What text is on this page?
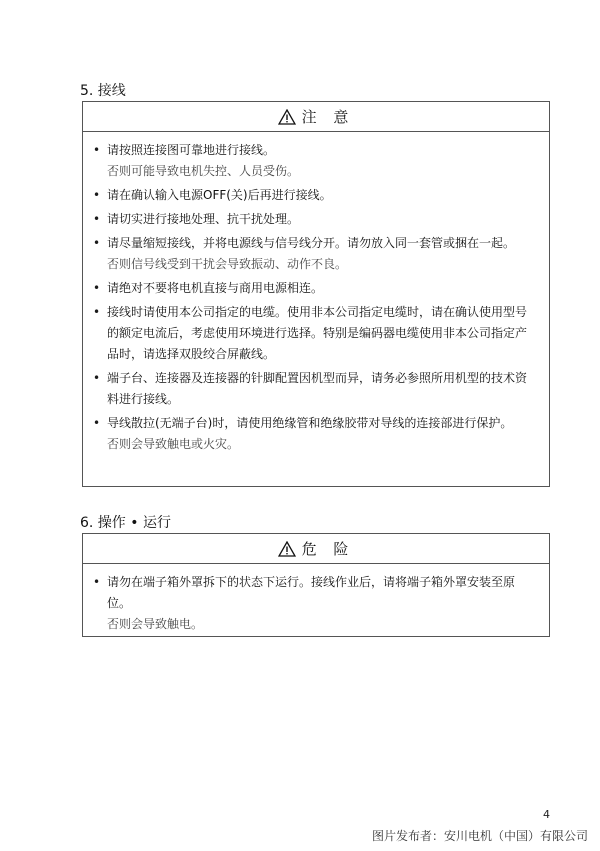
5. 接线
注 意
• 请按照连接图可靠地进行接线。
否则可能导致电机失控、人员受伤。
• 请在确认输入电源OFF(关)后再进行接线。
• 请切实进行接地处理、抗干扰处理。
• 请尽量缩短接线，并将电源线与信号线分开。请勿放入同一套管或捆在一起。
否则信号线受到干扰会导致振动、动作不良。
• 请绝对不要将电机直接与商用电源相连。
• 接线时请使用本公司指定的电缆。使用非本公司指定电缆时，请在确认使用型号的额定电流后，考虑使用环境进行选择。特别是编码器电缆使用非本公司指定产品时，请选择双股绞合屏蔽线。
• 端子台、连接器及连接器的针脚配置因机型而异，请务必参照所用机型的技术资料进行接线。
• 导线散拉(无端子台)时，请使用绝缘管和绝缘胶带对导线的连接部进行保护。
否则会导致触电或火灾。
6. 操作 • 运行
危 险
• 请勿在端子箱外罩拆下的状态下运行。接线作业后，请将端子箱外罩安装至原位。
否则会导致触电。
4
图片发布者：安川电机（中国）有限公司
